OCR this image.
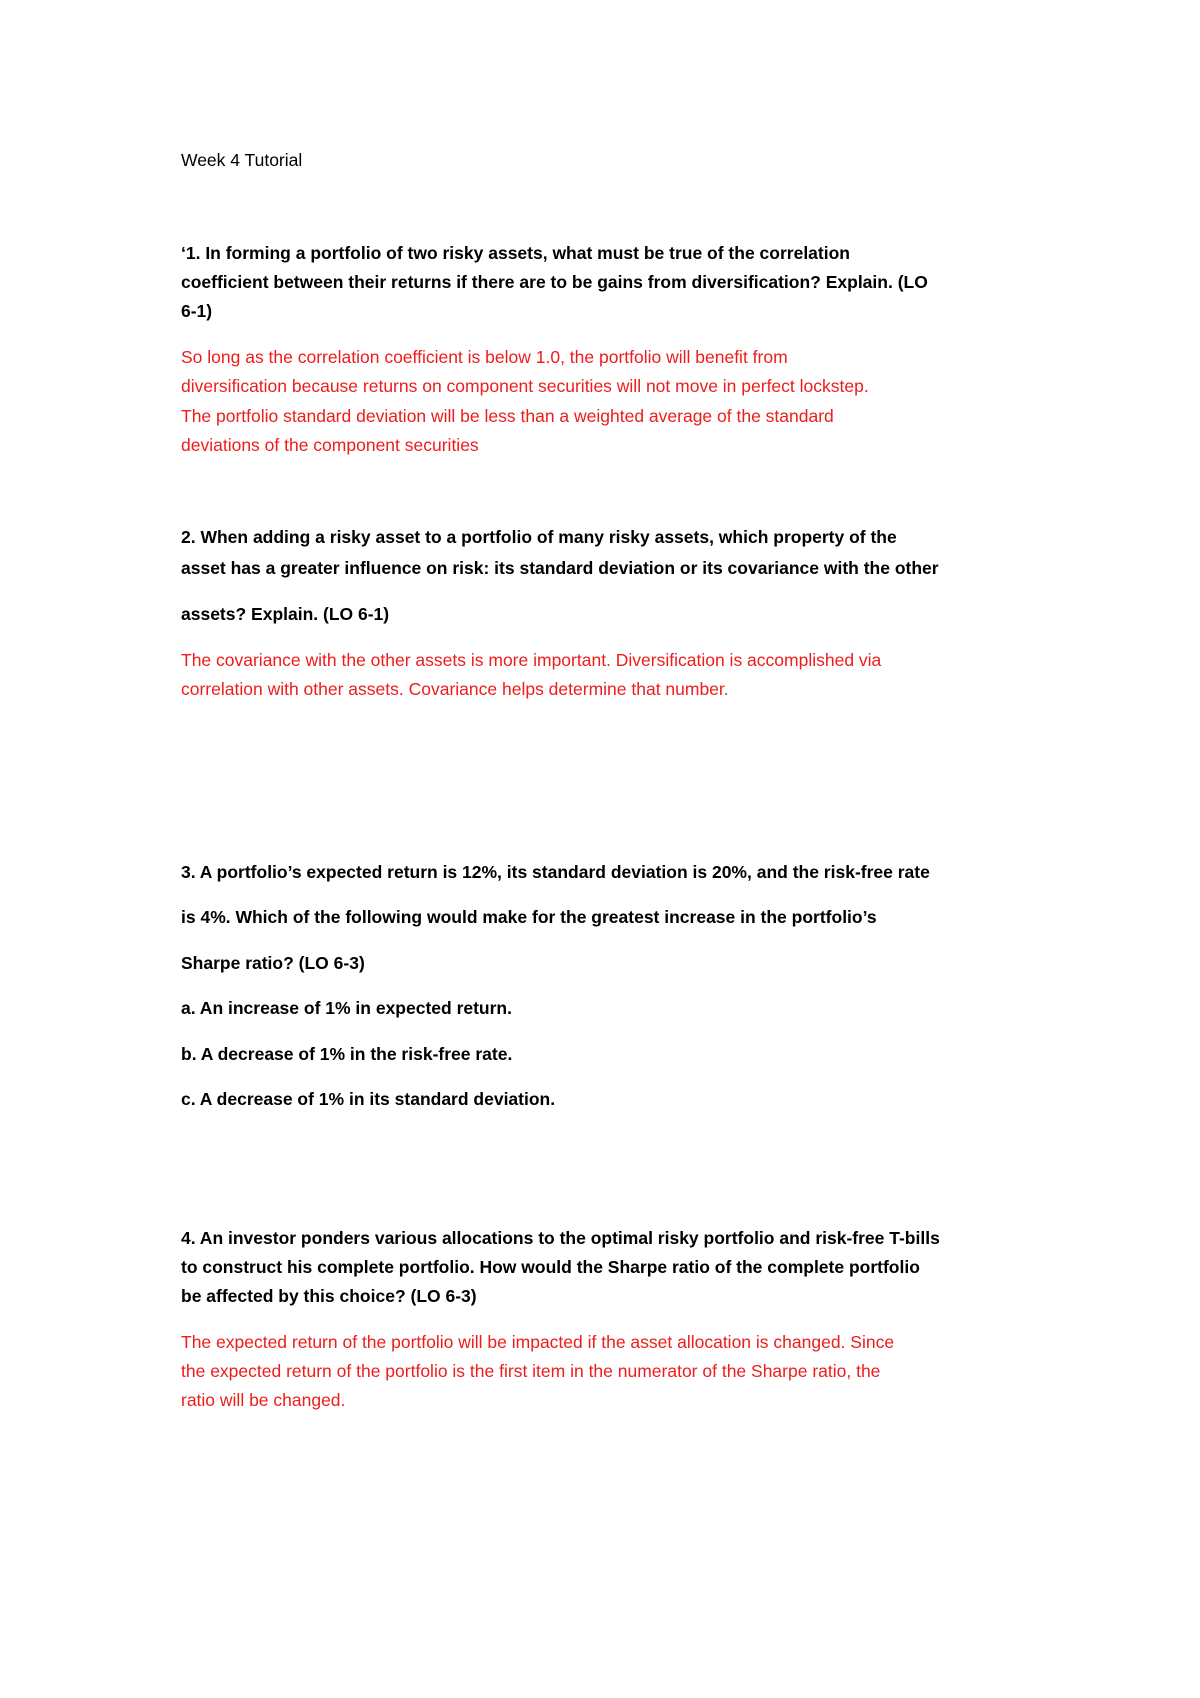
Week 4 Tutorial
‘1. In forming a portfolio of two risky assets, what must be true of the correlation
coefficient between their returns if there are to be gains from diversification? Explain. (LO
6-1)
So long as the correlation coefficient is below 1.0, the portfolio will benefit from
diversification because returns on component securities will not move in perfect lockstep.
The portfolio standard deviation will be less than a weighted average of the standard
deviations of the component securities
2. When adding a risky asset to a portfolio of many risky assets, which property of the
asset has a greater influence on risk: its standard deviation or its covariance with the other
assets? Explain. (LO 6-1)
The covariance with the other assets is more important. Diversification is accomplished via
correlation with other assets. Covariance helps determine that number.
3. A portfolio’s expected return is 12%, its standard deviation is 20%, and the risk-free rate
is 4%. Which of the following would make for the greatest increase in the portfolio’s
Sharpe ratio? (LO 6-3)
a. An increase of 1% in expected return.
b. A decrease of 1% in the risk-free rate.
c. A decrease of 1% in its standard deviation.
4. An investor ponders various allocations to the optimal risky portfolio and risk-free T-bills
to construct his complete portfolio. How would the Sharpe ratio of the complete portfolio
be affected by this choice? (LO 6-3)
The expected return of the portfolio will be impacted if the asset allocation is changed. Since
the expected return of the portfolio is the first item in the numerator of the Sharpe ratio, the
ratio will be changed.
